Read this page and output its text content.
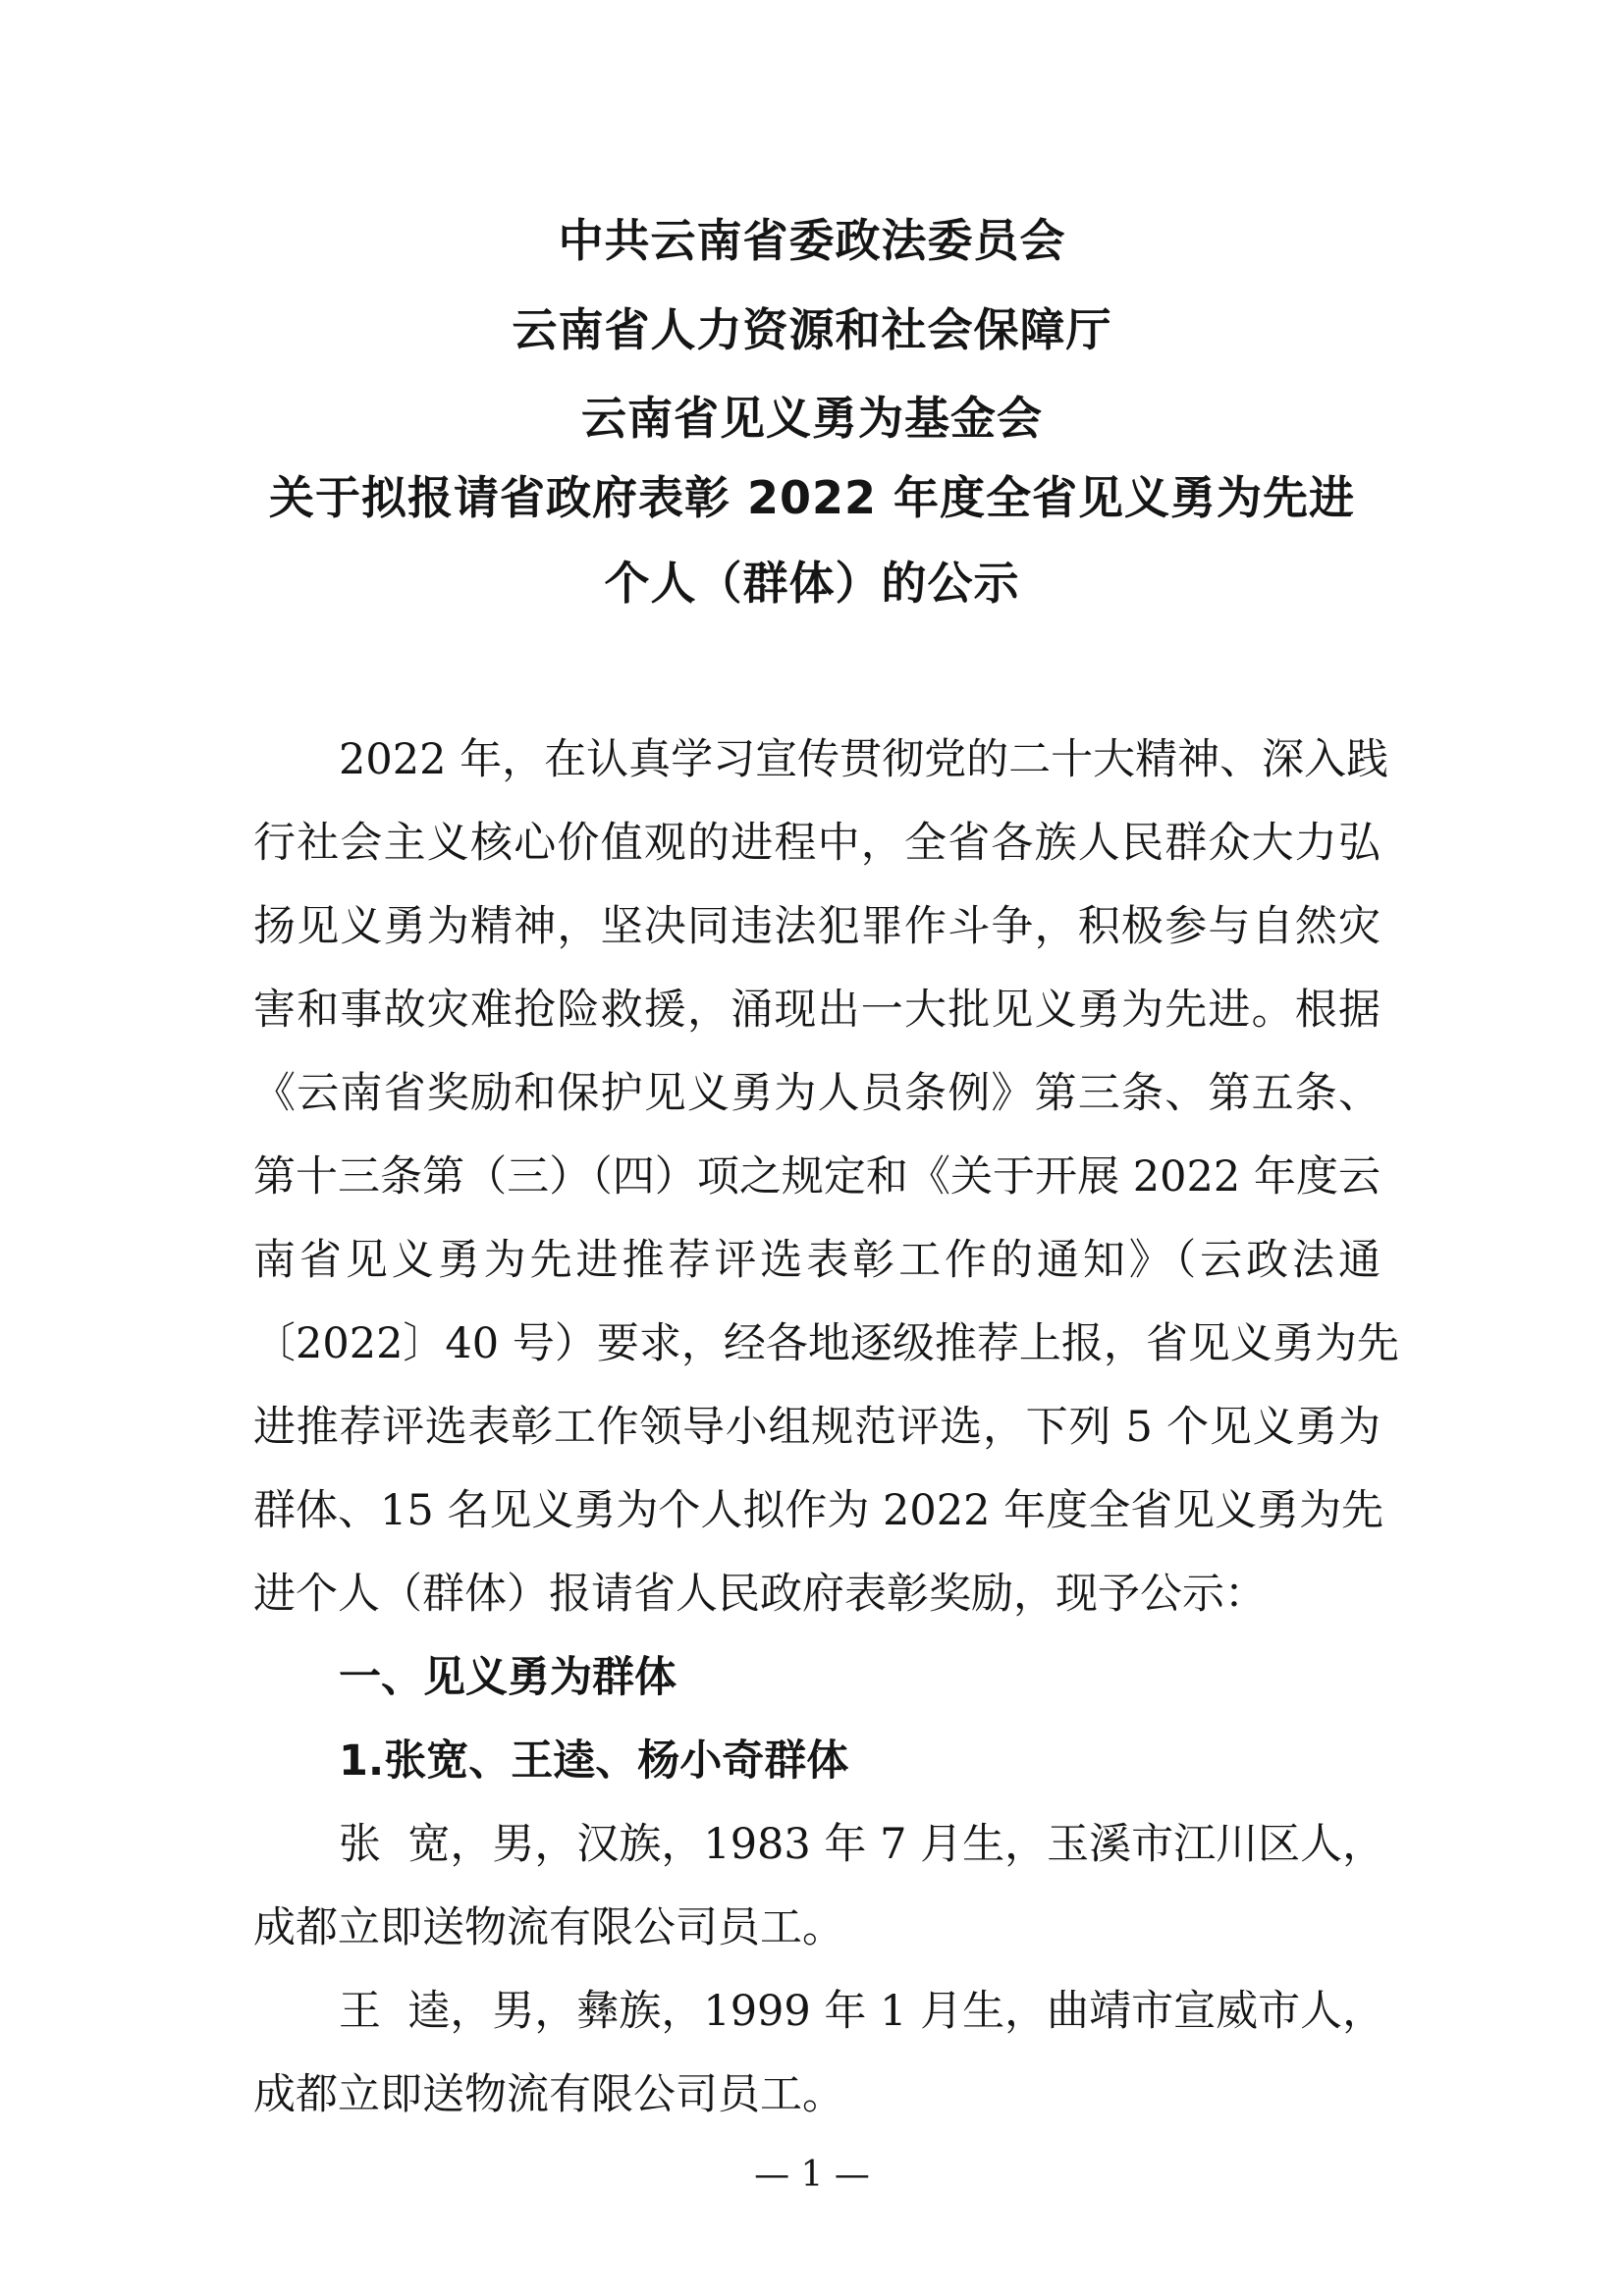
中共云南省委政法委员会
云南省人力资源和社会保障厅
云南省见义勇为基金会
关于拟报请省政府表彰 2022 年度全省见义勇为先进
个人（群体）的公示
2022 年，在认真学习宣传贯彻党的二十大精神、深入践
行社会主义核心价值观的进程中，全省各族人民群众大力弘
扬见义勇为精神，坚决同违法犯罪作斗争，积极参与自然灾
害和事故灾难抢险救援，涌现出一大批见义勇为先进。根据
《云南省奖励和保护见义勇为人员条例》第三条、第五条、
第十三条第（三）（四）项之规定和《关于开展 2022 年度云
南省见义勇为先进推荐评选表彰工作的通知》（云政法通
〔2022〕40 号）要求，经各地逐级推荐上报，省见义勇为先
进推荐评选表彰工作领导小组规范评选，下列 5 个见义勇为
群体、15 名见义勇为个人拟作为 2022 年度全省见义勇为先
进个人（群体）报请省人民政府表彰奖励，现予公示：
一、见义勇为群体
1.张宽、王逵、杨小奇群体
张  宽，男，汉族，1983 年 7 月生，玉溪市江川区人，
成都立即送物流有限公司员工。
王  逵，男，彝族，1999 年 1 月生，曲靖市宣威市人，
成都立即送物流有限公司员工。
— 1 —
